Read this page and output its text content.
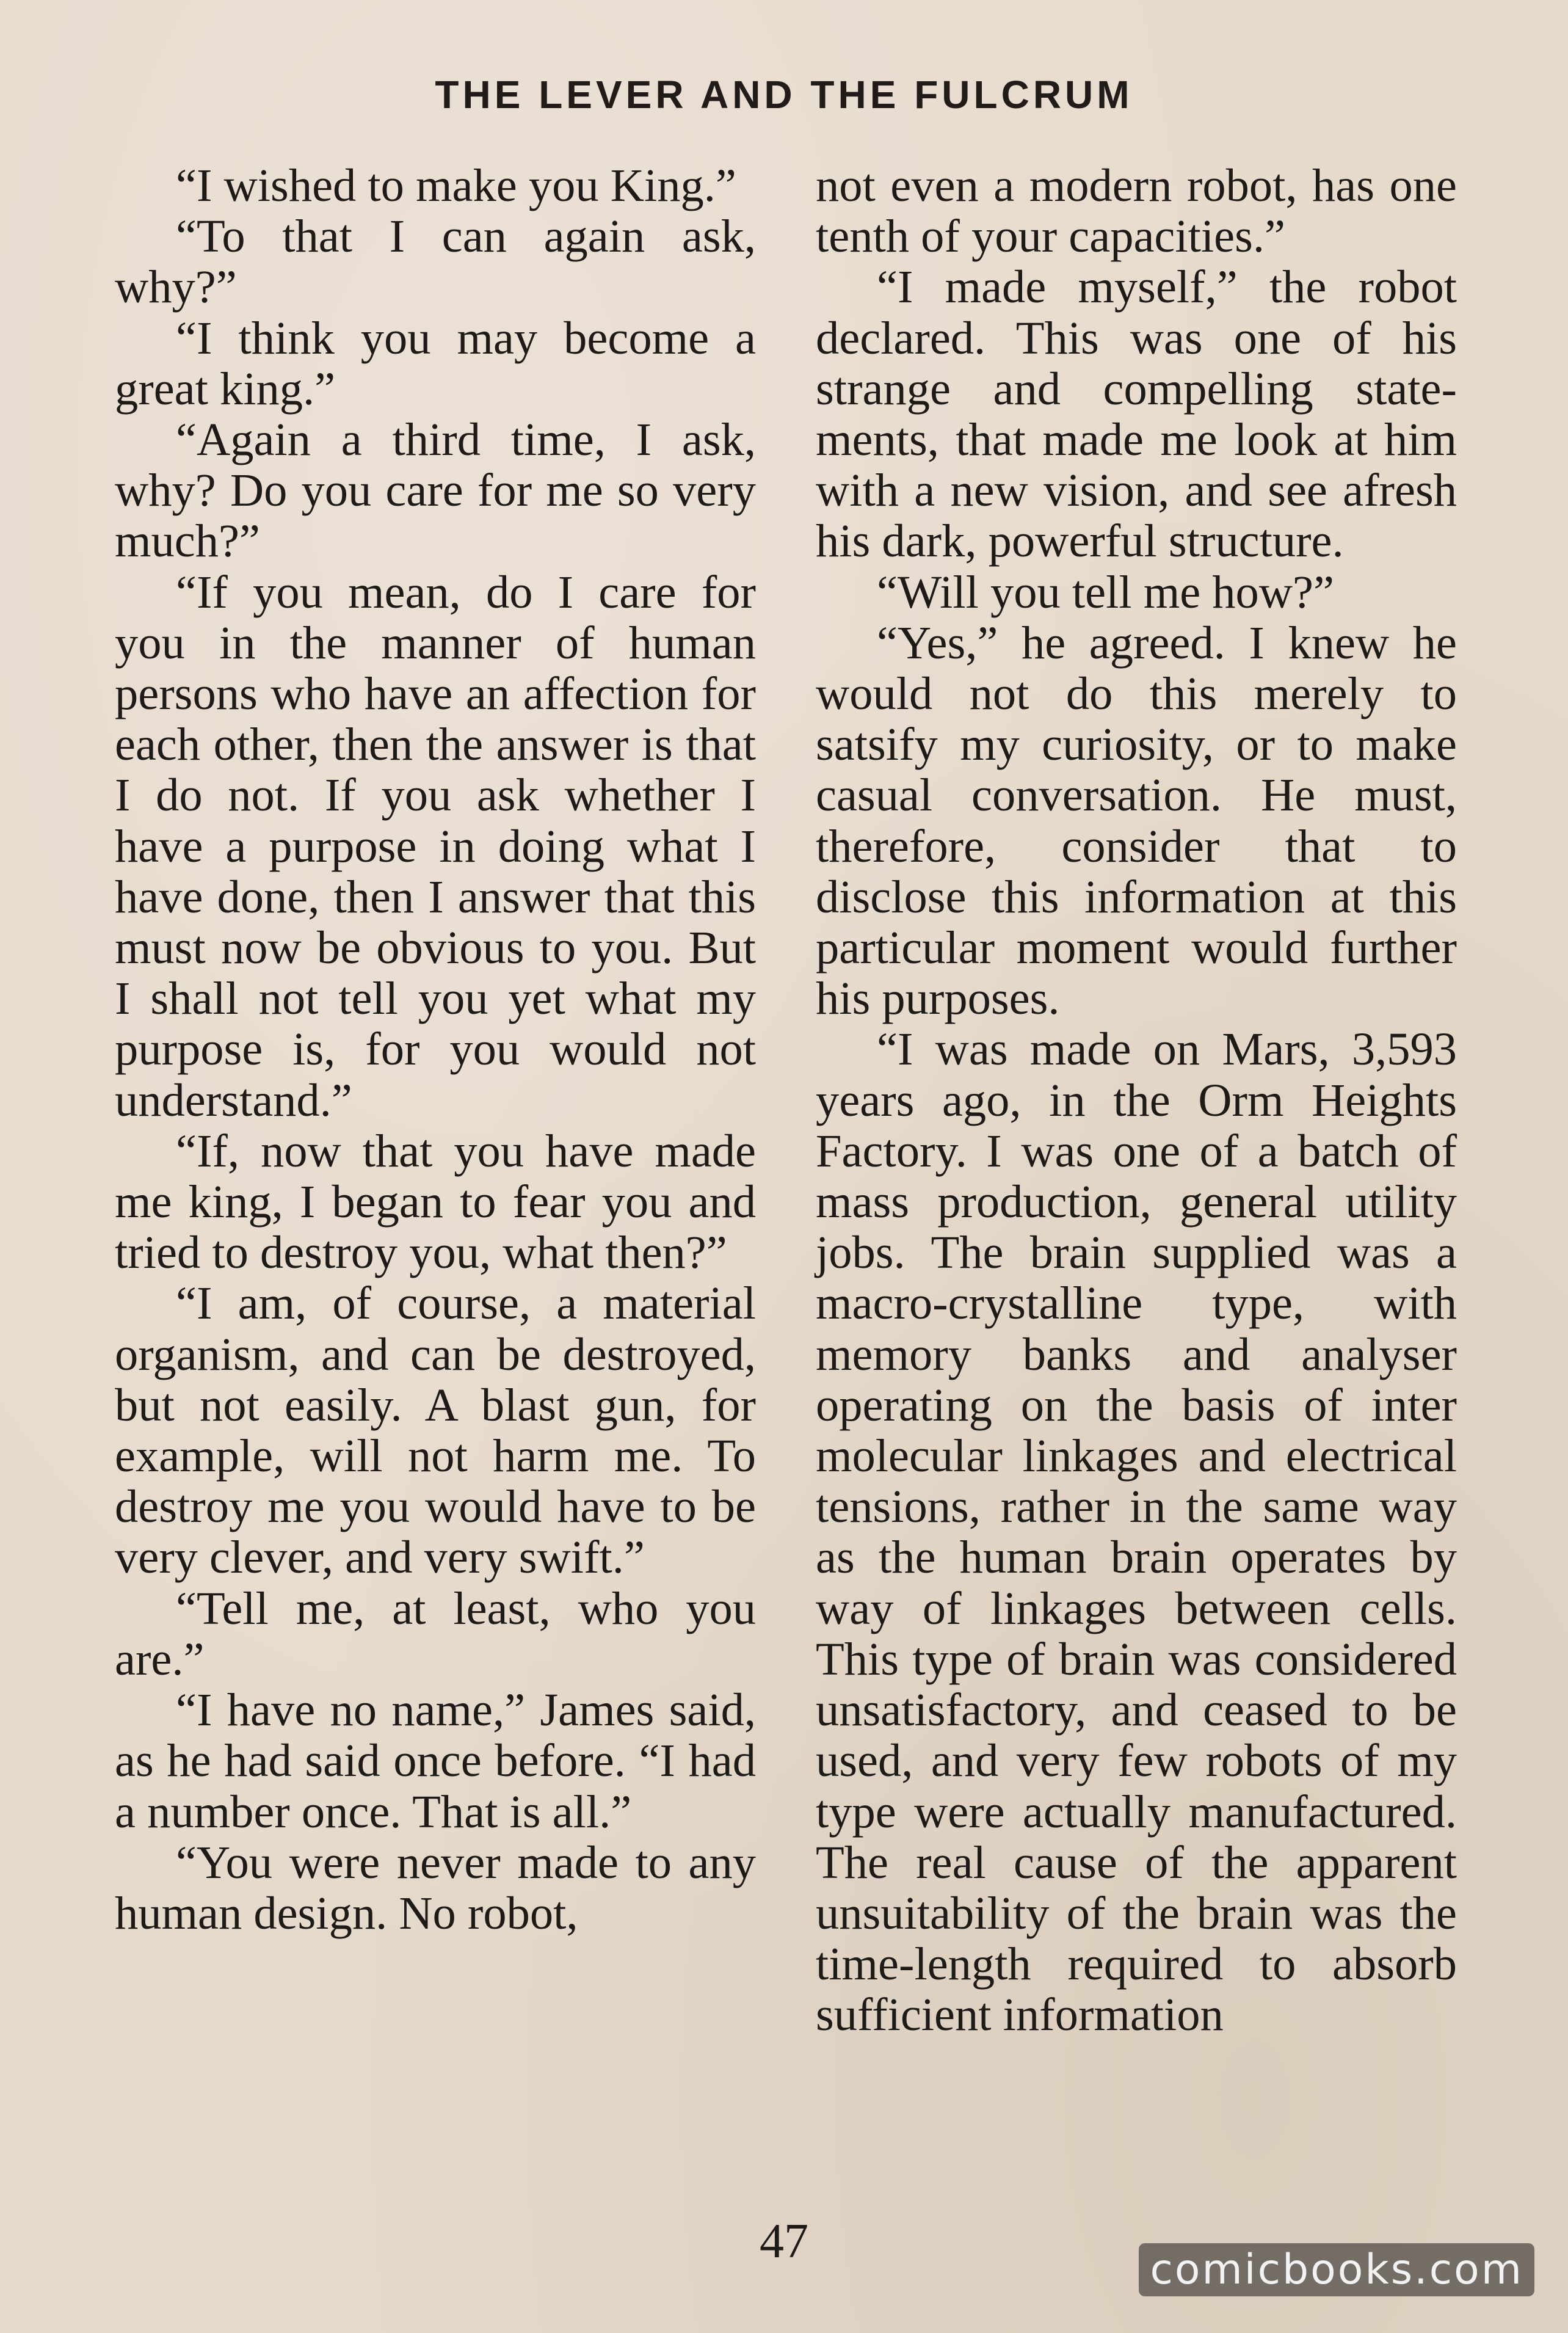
THE LEVER AND THE FULCRUM

“I wished to make you King.”

“To that I can again ask, why?”

“I think you may become a great king.”

“Again a third time, I ask, why? Do you care for me so very much?”

“If you mean, do I care for you in the manner of human persons who have an affection for each other, then the answer is that I do not. If you ask whether I have a purpose in doing what I have done, then I answer that this must now be obvious to you. But I shall not tell you yet what my purpose is, for you would not understand.”

“If, now that you have made me king, I began to fear you and tried to destroy you, what then?”

“I am, of course, a material organism, and can be destroyed, but not easily. A blast gun, for example, will not harm me. To destroy me you would have to be very clever, and very swift.”

“Tell me, at least, who you are.”

“I have no name,” James said, as he had said once before. “I had a number once. That is all.”

“You were never made to any human design. No robot,

not even a modern robot, has one tenth of your capacities.”

“I made myself,” the robot declared. This was one of his strange and compelling statements, that made me look at him with a new vision, and see afresh his dark, powerful structure.

“Will you tell me how?”

“Yes,” he agreed. I knew he would not do this merely to satsify my curiosity, or to make casual conversation. He must, therefore, consider that to disclose this information at this particular moment would further his purposes.

“I was made on Mars, 3,593 years ago, in the Orm Heights Factory. I was one of a batch of mass production, general utility jobs. The brain supplied was a macro-crystalline type, with memory banks and analyser operating on the basis of inter molecular linkages and electrical tensions, rather in the same way as the human brain operates by way of linkages between cells. This type of brain was considered unsatisfactory, and ceased to be used, and very few robots of my type were actually manufactured. The real cause of the apparent unsuitability of the brain was the time-length required to absorb sufficient information

47
comicbooks.com
